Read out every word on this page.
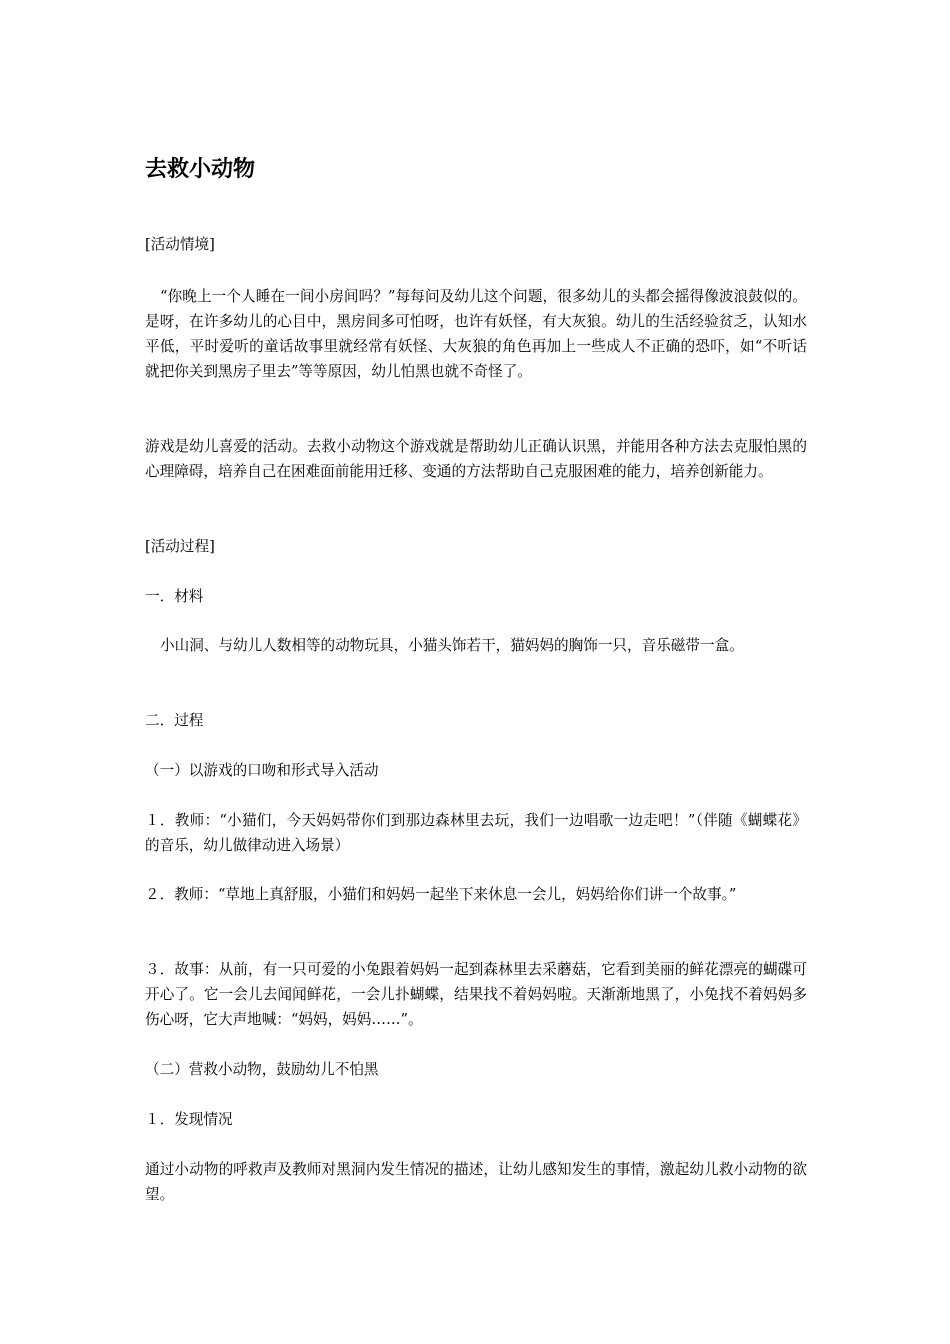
去救小动物

[活动情境]

“你晚上一个人睡在一间小房间吗？”每每问及幼儿这个问题，很多幼儿的头都会摇得像波浪鼓似的。是呀，在许多幼儿的心目中，黑房间多可怕呀，也许有妖怪，有大灰狼。幼儿的生活经验贫乏，认知水平低，平时爱听的童话故事里就经常有妖怪、大灰狼的角色再加上一些成人不正确的恐吓，如“不听话就把你关到黑房子里去”等等原因，幼儿怕黑也就不奇怪了。

游戏是幼儿喜爱的活动。去救小动物这个游戏就是帮助幼儿正确认识黑，并能用各种方法去克服怕黑的心理障碍，培养自己在困难面前能用迁移、变通的方法帮助自己克服困难的能力，培养创新能力。

[活动过程]

一．材料

小山洞、与幼儿人数相等的动物玩具，小猫头饰若干，猫妈妈的胸饰一只，音乐磁带一盒。

二．过程

（一）以游戏的口吻和形式导入活动

１．教师：“小猫们，今天妈妈带你们到那边森林里去玩，我们一边唱歌一边走吧！”（伴随《蝴蝶花》的音乐，幼儿做律动进入场景）

２．教师：“草地上真舒服，小猫们和妈妈一起坐下来休息一会儿，妈妈给你们讲一个故事。”

３．故事：从前，有一只可爱的小兔跟着妈妈一起到森林里去采蘑菇，它看到美丽的鲜花漂亮的蝴碟可开心了。它一会儿去闻闻鲜花，一会儿扑蝴蝶，结果找不着妈妈啦。天渐渐地黑了，小兔找不着妈妈多伤心呀，它大声地喊：“妈妈，妈妈……”。

（二）营救小动物，鼓励幼儿不怕黑

１．发现情况

通过小动物的呼救声及教师对黑洞内发生情况的描述，让幼儿感知发生的事情，激起幼儿救小动物的欲望。
